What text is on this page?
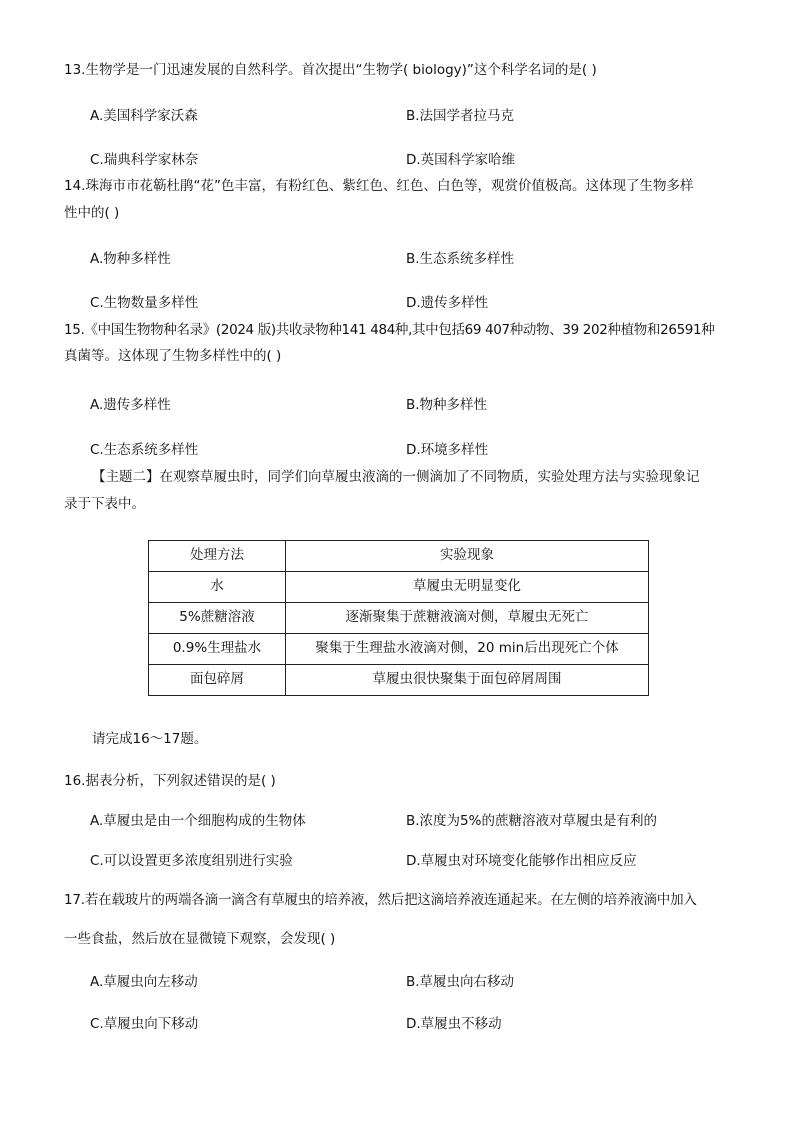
13.生物学是一门迅速发展的自然科学。首次提出“生物学( biology)”这个科学名词的是( )
A.美国科学家沃森	B.法国学者拉马克
C.瑞典科学家林奈	D.英国科学家哈维
14.珠海市市花簕杜鹃“花”色丰富，有粉红色、紫红色、红色、白色等，观赏价值极高。这体现了生物多样
性中的( )
A.物种多样性	B.生态系统多样性
C.生物数量多样性	D.遗传多样性
15.《中国生物物种名录》(2024 版)共收录物种141 484种,其中包括69 407种动物、39 202种植物和26591种
真菌等。这体现了生物多样性中的( )
A.遗传多样性	B.物种多样性
C.生态系统多样性	D.环境多样性
【主题二】在观察草履虫时，同学们向草履虫液滴的一侧滴加了不同物质，实验处理方法与实验现象记
录于下表中。
处理方法	实验现象
水	草履虫无明显变化
5%蔗糖溶液	逐渐聚集于蔗糖液滴对侧，草履虫无死亡
0.9%生理盐水	聚集于生理盐水液滴对侧，20 min后出现死亡个体
面包碎屑	草履虫很快聚集于面包碎屑周围
请完成16～17题。
16.据表分析，下列叙述错误的是( )
A.草履虫是由一个细胞构成的生物体	B.浓度为5%的蔗糖溶液对草履虫是有利的
C.可以设置更多浓度组别进行实验	D.草履虫对环境变化能够作出相应反应
17.若在载玻片的两端各滴一滴含有草履虫的培养液，然后把这滴培养液连通起来。在左侧的培养液滴中加入
一些食盐，然后放在显微镜下观察，会发现( )
A.草履虫向左移动	B.草履虫向右移动
C.草履虫向下移动	D.草履虫不移动
